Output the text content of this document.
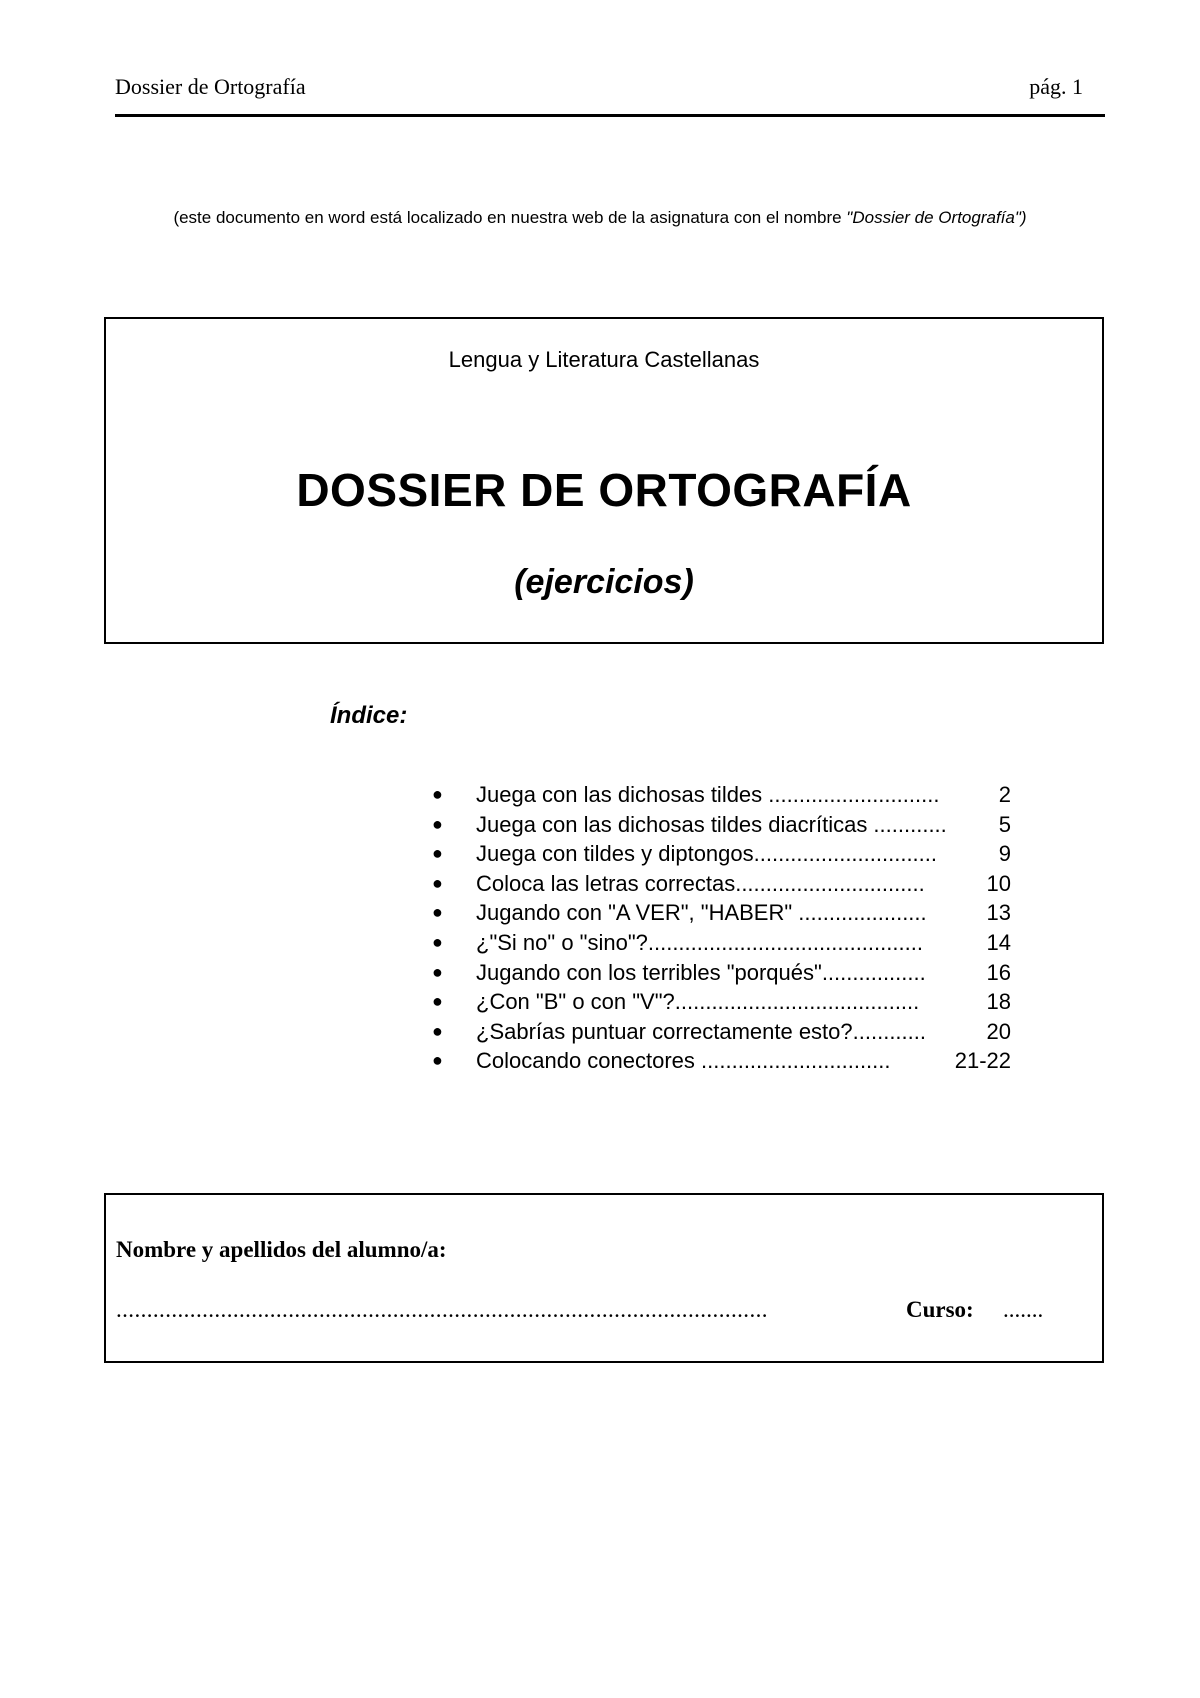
Dossier de Ortografía	pág. 1
(este documento en word está localizado en nuestra web de la asignatura con el nombre "Dossier de Ortografía")
Lengua y Literatura Castellanas
DOSSIER DE ORTOGRAFÍA
(ejercicios)
Índice:
● Juega con las dichosas tildes ............................	2
● Juega con las dichosas tildes diacríticas ............ 5
● Juega con tildes y diptongos..............................	9
● Coloca las letras correctas...............................	10
● Jugando con "A VER", "HABER" .....................	13
● ¿"Si no" o "sino"?.............................................	14
● Jugando con los terribles "porqués".................	16
● ¿Con "B" o con "V"?........................................	18
● ¿Sabrías puntuar correctamente esto?............	20
● Colocando conectores ...............................	21-22
Nombre y apellidos del alumno/a:
..........................................................................................................	Curso: .......
